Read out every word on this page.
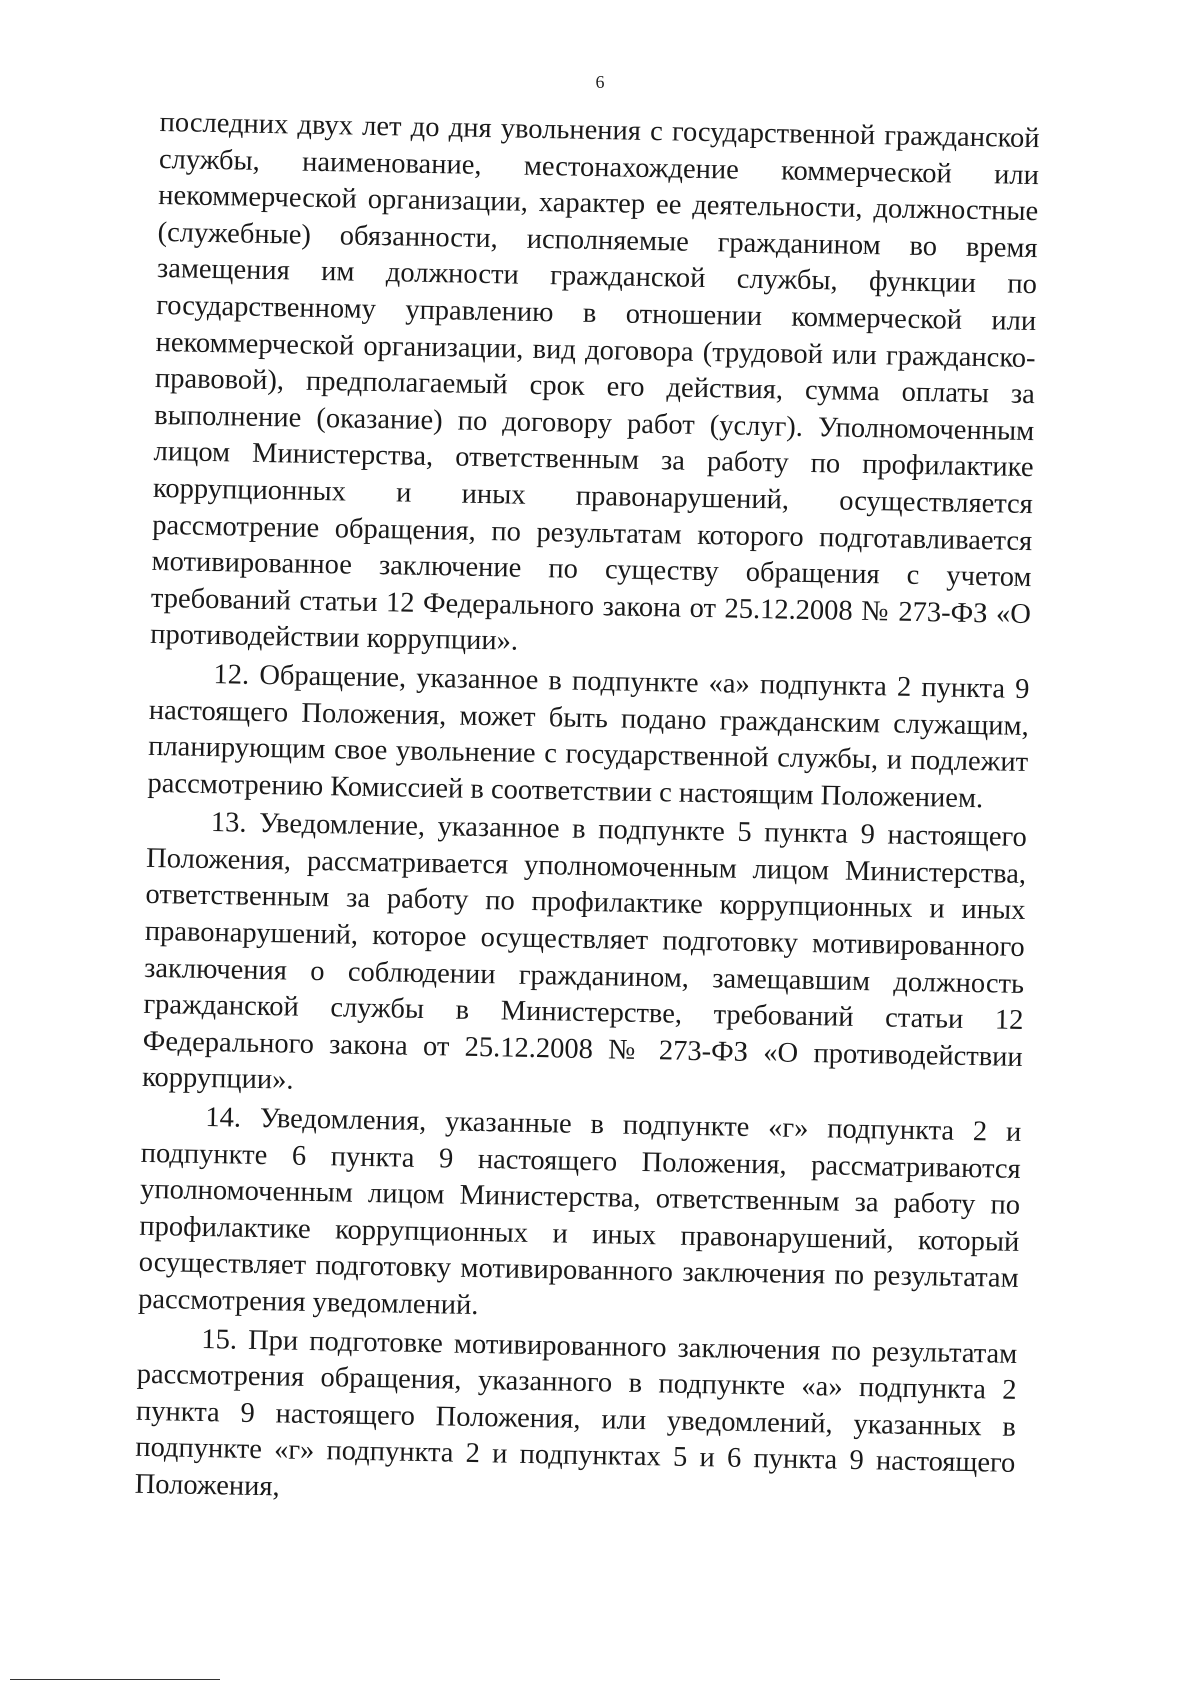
6

последних двух лет до дня увольнения с государственной гражданской службы, наименование, местонахождение коммерческой или некоммерческой организации, характер ее деятельности, должностные (служебные) обязанности, исполняемые гражданином во время замещения им должности гражданской службы, функции по государственному управлению в отношении коммерческой или некоммерческой организации, вид договора (трудовой или гражданско-правовой), предполагаемый срок его действия, сумма оплаты за выполнение (оказание) по договору работ (услуг). Уполномоченным лицом Министерства, ответственным за работу по профилактике коррупционных и иных правонарушений, осуществляется рассмотрение обращения, по результатам которого подготавливается мотивированное заключение по существу обращения с учетом требований статьи 12 Федерального закона от 25.12.2008 № 273-ФЗ «О противодействии коррупции».

12. Обращение, указанное в подпункте «а» подпункта 2 пункта 9 настоящего Положения, может быть подано гражданским служащим, планирующим свое увольнение с государственной службы, и подлежит рассмотрению Комиссией в соответствии с настоящим Положением.

13. Уведомление, указанное в подпункте 5 пункта 9 настоящего Положения, рассматривается уполномоченным лицом Министерства, ответственным за работу по профилактике коррупционных и иных правонарушений, которое осуществляет подготовку мотивированного заключения о соблюдении гражданином, замещавшим должность гражданской службы в Министерстве, требований статьи 12 Федерального закона от 25.12.2008 № 273-ФЗ «О противодействии коррупции».

14. Уведомления, указанные в подпункте «г» подпункта 2 и подпункте 6 пункта 9 настоящего Положения, рассматриваются уполномоченным лицом Министерства, ответственным за работу по профилактике коррупционных и иных правонарушений, который осуществляет подготовку мотивированного заключения по результатам рассмотрения уведомлений.

15. При подготовке мотивированного заключения по результатам рассмотрения обращения, указанного в подпункте «а» подпункта 2 пункта 9 настоящего Положения, или уведомлений, указанных в подпункте «г» подпункта 2 и подпунктах 5 и 6 пункта 9 настоящего Положения,
